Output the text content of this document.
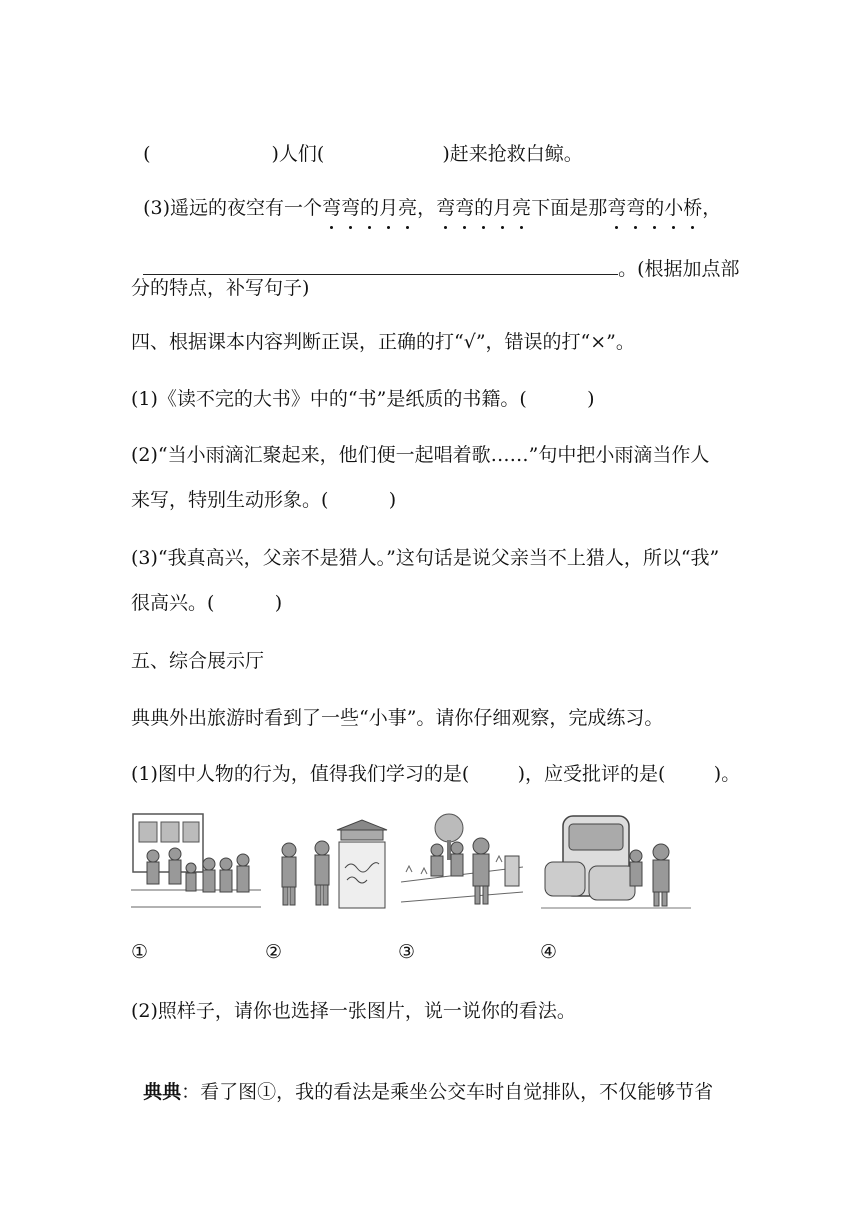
(	)人们(	)赶来抢救白鲸。

(3)遥远的夜空有一个弯弯的月亮，弯弯的月亮下面是那弯弯的小桥，

。(根据加点部

分的特点，补写句子)
四、根据课本内容判断正误，正确的打“√”，错误的打“×”。
(1)《读不完的大书》中的“书”是纸质的书籍。(          )
(2)“当小雨滴汇聚起来，他们便一起唱着歌……”句中把小雨滴当作人
来写，特别生动形象。(          )
(3)“我真高兴，父亲不是猎人。”这句话是说父亲当不上猎人，所以“我”
很高兴。(          )
五、综合展示厅
典典外出旅游时看到了一些“小事”。请你仔细观察，完成练习。
(1)图中人物的行为，值得我们学习的是(        )，应受批评的是(        )。
①	②	③	④
(2)照样子，请你也选择一张图片，说一说你的看法。

典典：看了图①，我的看法是乘坐公交车时自觉排队，不仅能够节省
